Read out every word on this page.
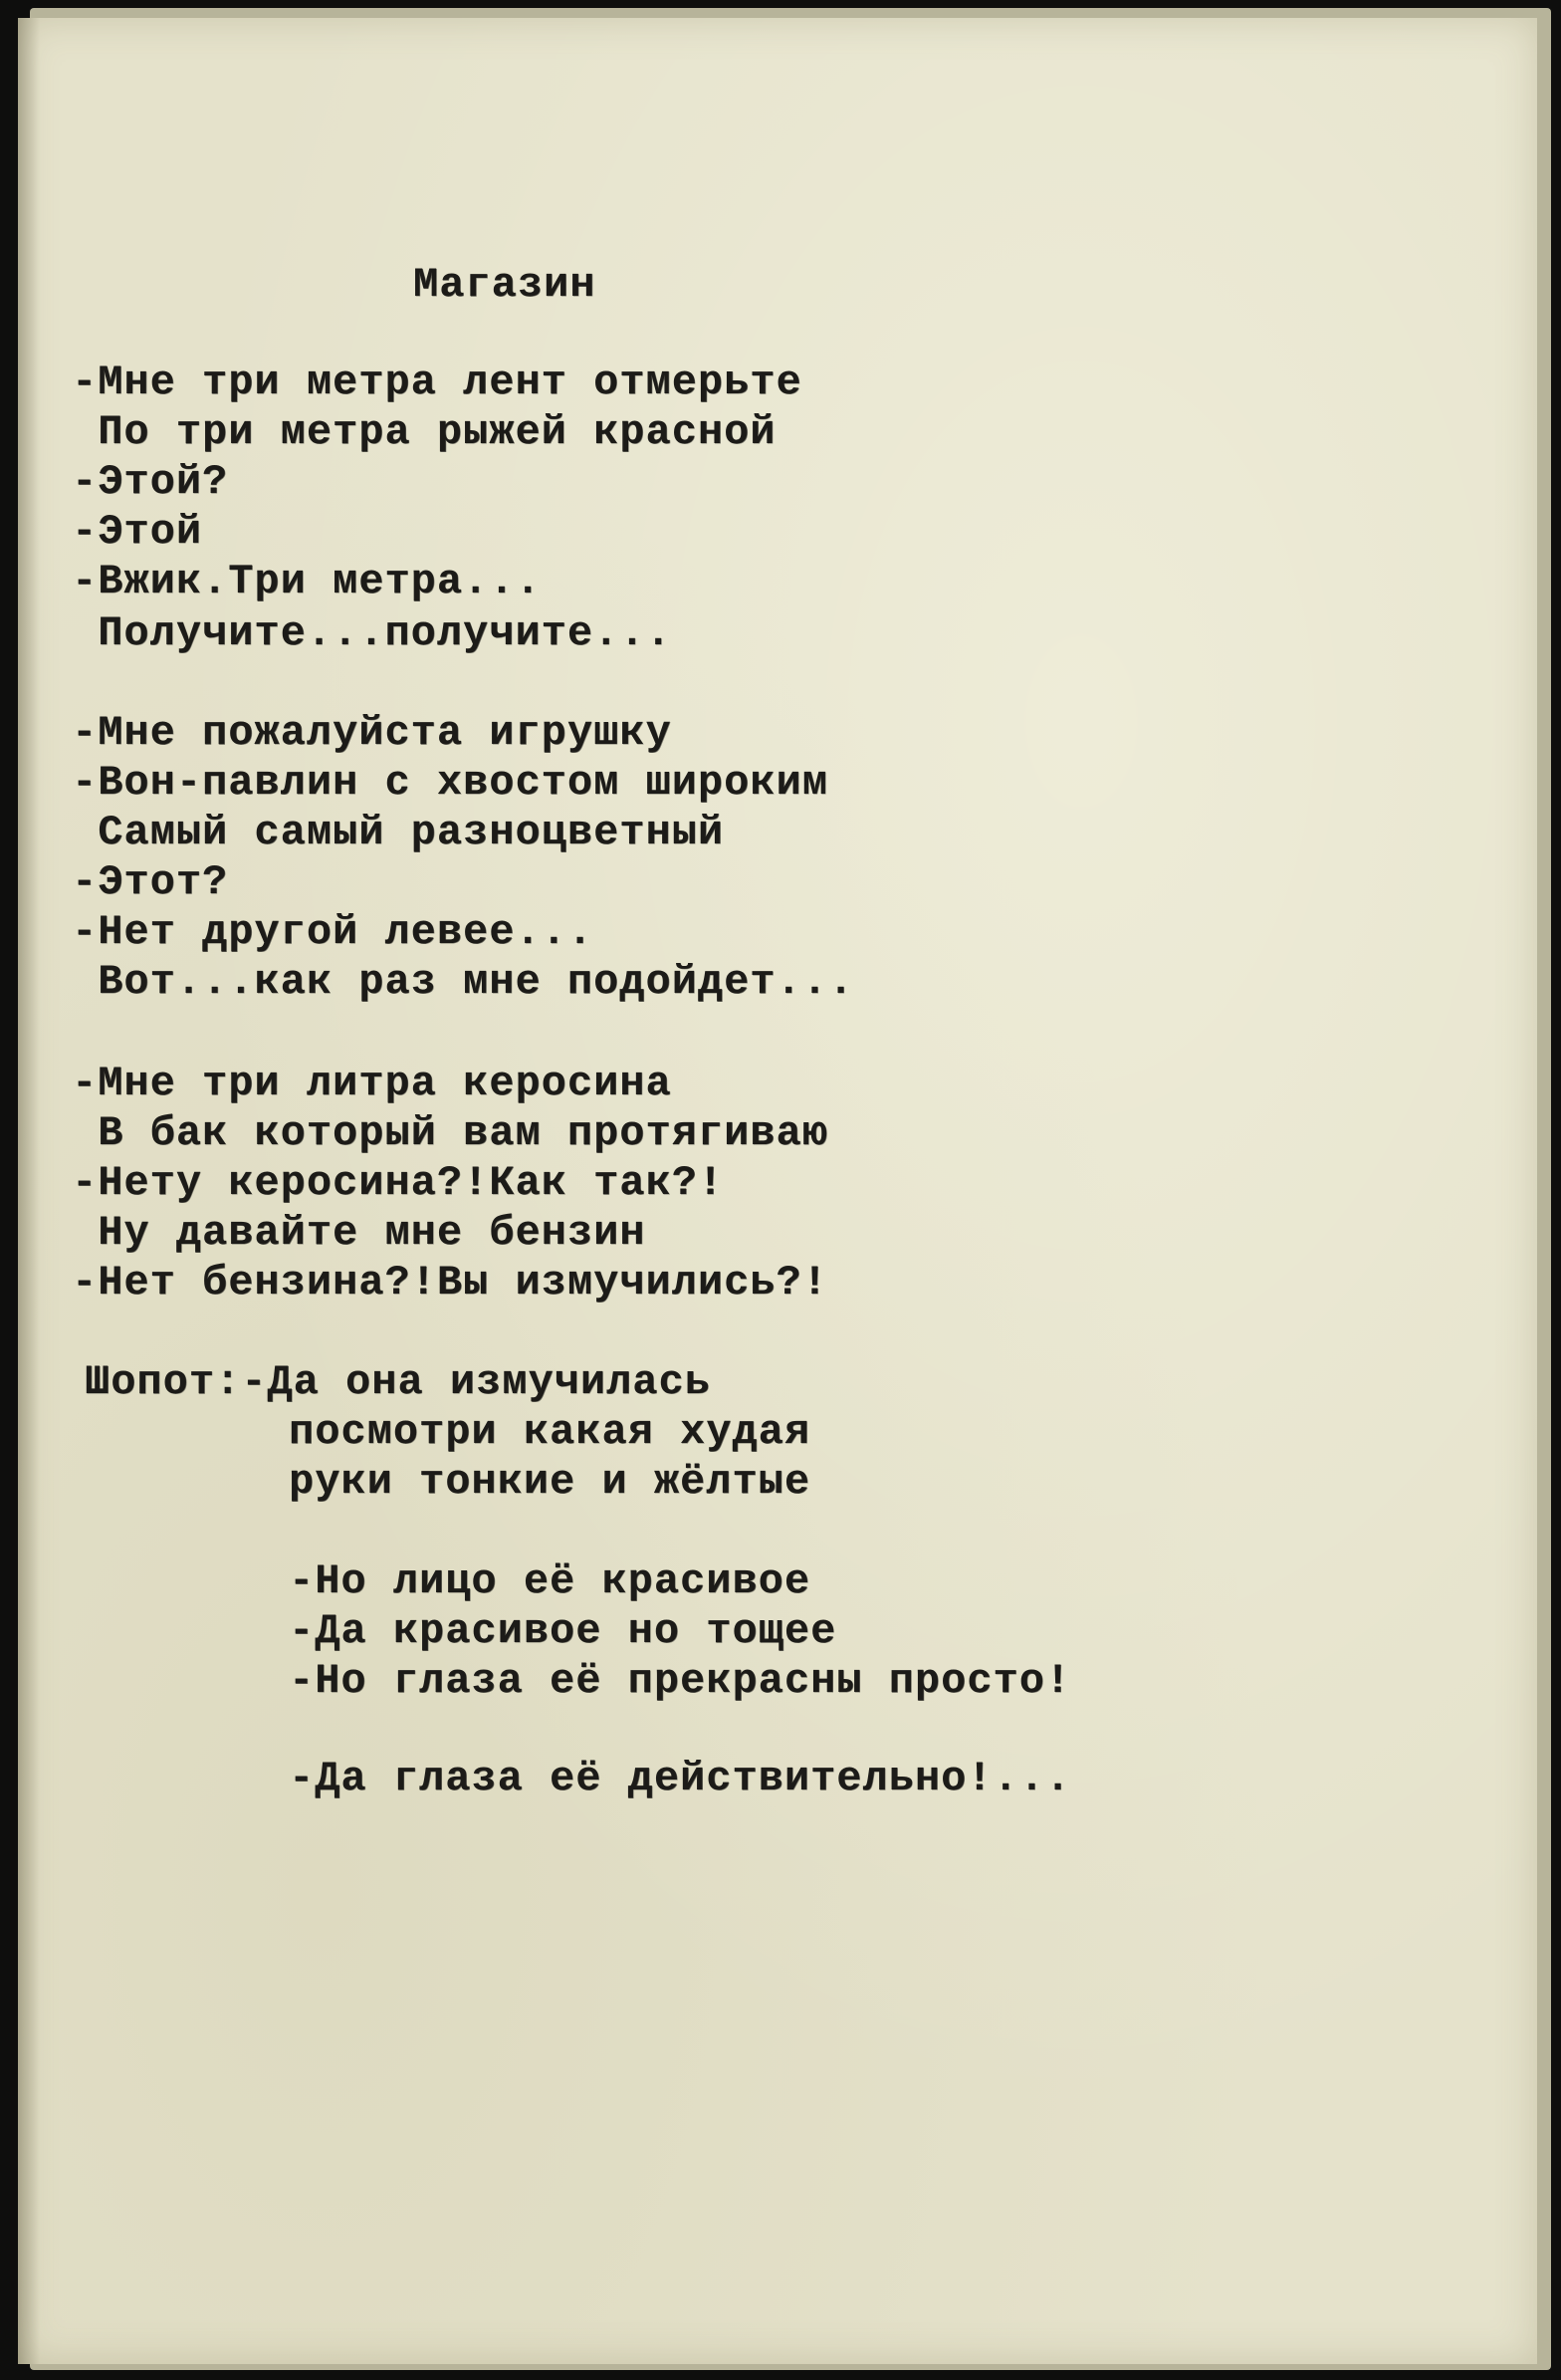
Магазин
-Мне три метра лент отмерьте
По три метра рыжей красной
-Этой?
-Этой
-Вжик.Три метра...
Получите...получите...
-Мне пожалуйста игрушку
-Вон-павлин с хвостом широким
Самый самый разноцветный
-Этот?
-Нет другой левее...
Вот...как раз мне подойдет...
-Мне три литра керосина
В бак который вам протягиваю
-Нету керосина?!Как так?!
Ну давайте мне бензин
-Нет бензина?!Вы измучились?!
Шопот:-Да она измучилась
посмотри какая худая
руки тонкие и жёлтые
-Но лицо её красивое
-Да красивое но тощее
-Но глаза её прекрасны просто!
-Да глаза её действительно!...
